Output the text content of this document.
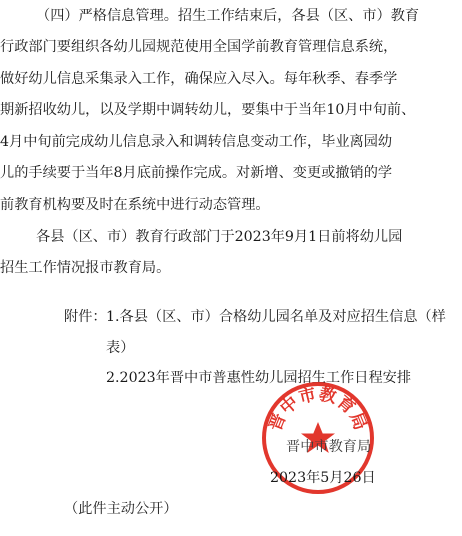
（四）严格信息管理。招生工作结束后，各县（区、市）教育
行政部门要组织各幼儿园规范使用全国学前教育管理信息系统，
做好幼儿信息采集录入工作，确保应入尽入。每年秋季、春季学
期新招收幼儿，以及学期中调转幼儿，要集中于当年10月中旬前、
4月中旬前完成幼儿信息录入和调转信息变动工作，毕业离园幼
儿的手续要于当年8月底前操作完成。对新增、变更或撤销的学
前教育机构要及时在系统中进行动态管理。
各县（区、市）教育行政部门于2023年9月1日前将幼儿园
招生工作情况报市教育局。
附件： 1.各县（区、市）合格幼儿园名单及对应招生信息（样
表）
2.2023年晋中市普惠性幼儿园招生工作日程安排
晋中市教育局
晋中市教育局
2023年5月26日
（此件主动公开）
